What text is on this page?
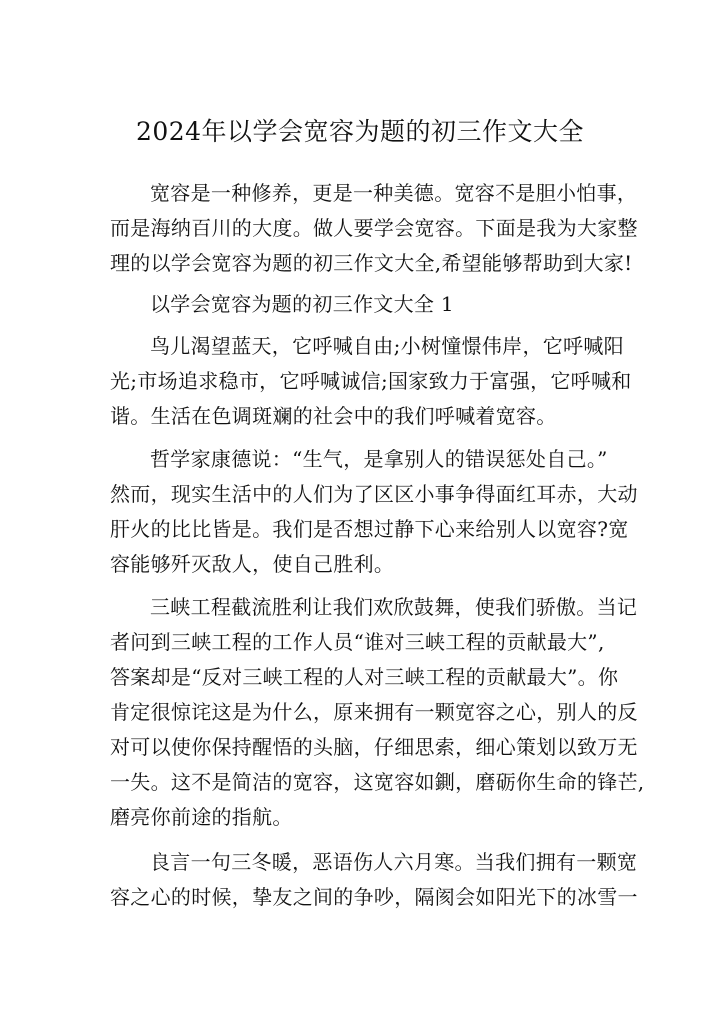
2024年以学会宽容为题的初三作文大全
宽容是一种修养，更是一种美德。宽容不是胆小怕事，
而是海纳百川的大度。做人要学会宽容。下面是我为大家整
理的以学会宽容为题的初三作文大全,希望能够帮助到大家!
以学会宽容为题的初三作文大全 1
鸟儿渴望蓝天，它呼喊自由;小树憧憬伟岸，它呼喊阳
光;市场追求稳市，它呼喊诚信;国家致力于富强，它呼喊和
谐。生活在色调斑斓的社会中的我们呼喊着宽容。
哲学家康德说：“生气，是拿别人的错误惩处自己。”
然而，现实生活中的人们为了区区小事争得面红耳赤，大动
肝火的比比皆是。我们是否想过静下心来给别人以宽容?宽
容能够歼灭敌人，使自己胜利。
三峡工程截流胜利让我们欢欣鼓舞，使我们骄傲。当记
者问到三峡工程的工作人员“谁对三峡工程的贡献最大”,
答案却是“反对三峡工程的人对三峡工程的贡献最大”。你
肯定很惊诧这是为什么，原来拥有一颗宽容之心，别人的反
对可以使你保持醒悟的头脑，仔细思索，细心策划以致万无
一失。这不是简洁的宽容，这宽容如鍘，磨砺你生命的锋芒,
磨亮你前途的指航。
良言一句三冬暖，恶语伤人六月寒。当我们拥有一颗宽
容之心的时候，挚友之间的争吵，隔阂会如阳光下的冰雪一
